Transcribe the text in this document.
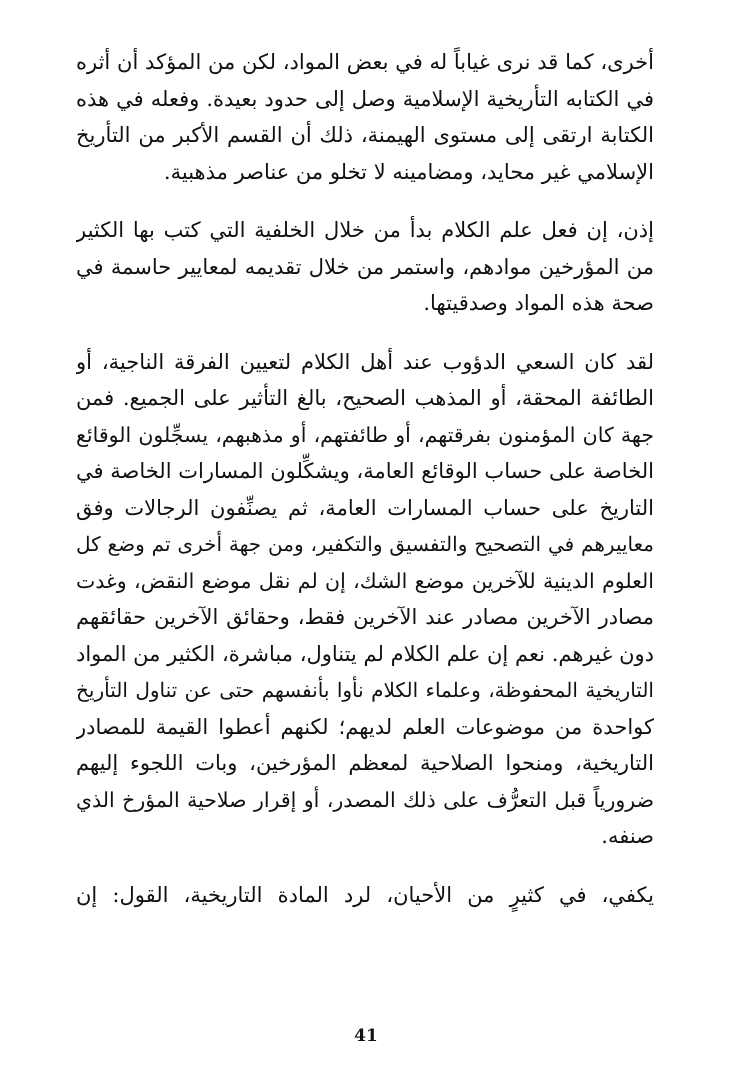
أخرى، كما قد نرى غياباً له في بعض المواد، لكن من المؤكد أن أثره
في الكتابه التأريخية الإسلامية وصل إلى حدود بعيدة. وفعله في هذه
الكتابة ارتقى إلى مستوى الهيمنة، ذلك أن القسم الأكبر من التأريخ
الإسلامي غير محايد، ومضامينه لا تخلو من عناصر مذهبية.

إذن، إن فعل علم الكلام بدأ من خلال الخلفية التي كتب بها الكثير
من المؤرخين موادهم، واستمر من خلال تقديمه لمعايير حاسمة في
صحة هذه المواد وصدقيتها.

لقد كان السعي الدؤوب عند أهل الكلام لتعيين الفرقة الناجية، أو
الطائفة المحقة، أو المذهب الصحيح، بالغ التأثير على الجميع. فمن
جهة كان المؤمنون بفرقتهم، أو طائفتهم، أو مذهبهم، يسجِّلون الوقائع
الخاصة على حساب الوقائع العامة، ويشكِّلون المسارات الخاصة في
التاريخ على حساب المسارات العامة، ثم يصنِّفون الرجالات وفق
معاييرهم في التصحيح والتفسيق والتكفير، ومن جهة أخرى تم وضع كل
العلوم الدينية للآخرين موضع الشك، إن لم نقل موضع النقض، وغدت
مصادر الآخرين مصادر عند الآخرين فقط، وحقائق الآخرين حقائقهم
دون غيرهم. نعم إن علم الكلام لم يتناول، مباشرة، الكثير من المواد
التاريخية المحفوظة، وعلماء الكلام نأوا بأنفسهم حتى عن تناول التأريخ
كواحدة من موضوعات العلم لديهم؛ لكنهم أعطوا القيمة للمصادر
التاريخية، ومنحوا الصلاحية لمعظم المؤرخين، وبات اللجوء إليهم
ضرورياً قبل التعرُّف على ذلك المصدر، أو إقرار صلاحية المؤرخ الذي
صنفه.

يكفي، في كثيرٍ من الأحيان، لرد المادة التاريخية، القول: إن

41
